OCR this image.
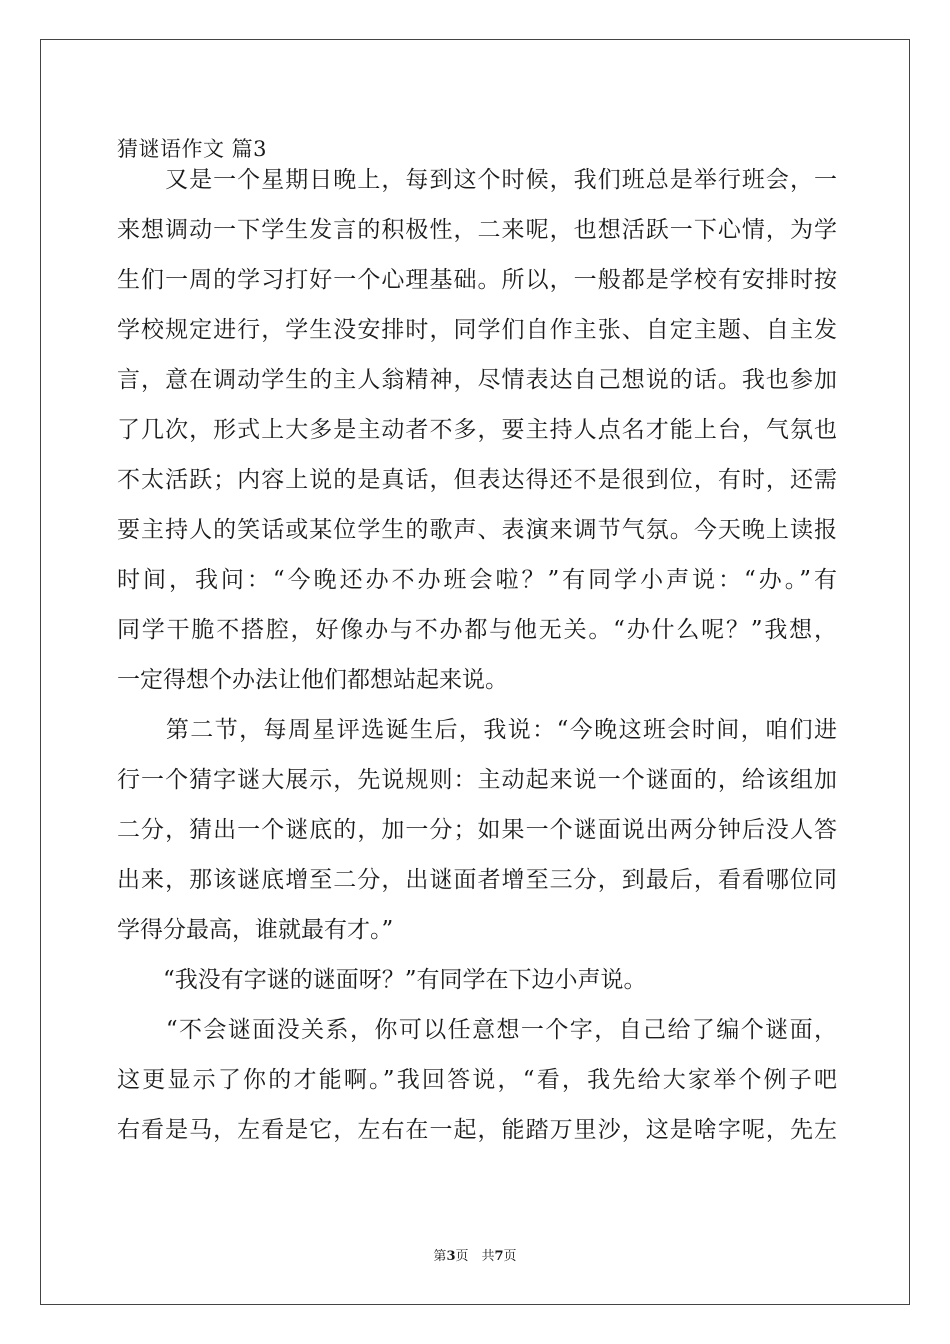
猜谜语作文 篇3
　　又是一个星期日晚上，每到这个时候，我们班总是举行班会，一
来想调动一下学生发言的积极性，二来呢，也想活跃一下心情，为学
生们一周的学习打好一个心理基础。所以，一般都是学校有安排时按
学校规定进行，学生没安排时，同学们自作主张、自定主题、自主发
言，意在调动学生的主人翁精神，尽情表达自己想说的话。我也参加
了几次，形式上大多是主动者不多，要主持人点名才能上台，气氛也
不太活跃；内容上说的是真话，但表达得还不是很到位，有时，还需
要主持人的笑话或某位学生的歌声、表演来调节气氛。今天晚上读报
时间，我问：“今晚还办不办班会啦？”有同学小声说：“办。”有
同学干脆不搭腔，好像办与不办都与他无关。“办什么呢？”我想，
一定得想个办法让他们都想站起来说。
　　第二节，每周星评选诞生后，我说：“今晚这班会时间，咱们进
行一个猜字谜大展示，先说规则：主动起来说一个谜面的，给该组加
二分，猜出一个谜底的，加一分；如果一个谜面说出两分钟后没人答
出来，那该谜底增至二分，出谜面者增至三分，到最后，看看哪位同
学得分最高，谁就最有才。”
　　“我没有字谜的谜面呀？”有同学在下边小声说。
　　“不会谜面没关系，你可以任意想一个字，自己给了编个谜面，
这更显示了你的才能啊。”我回答说，“看，我先给大家举个例子吧
右看是马，左看是它，左右在一起，能踏万里沙，这是啥字呢，先左
第3页　共7页
